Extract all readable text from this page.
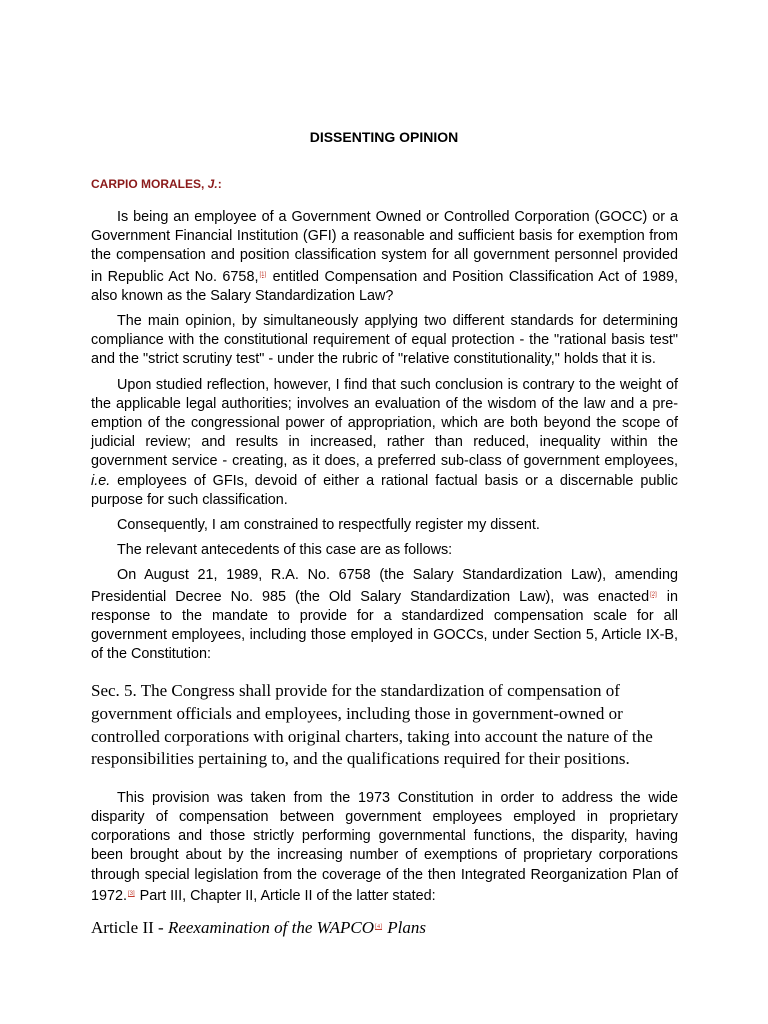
DISSENTING OPINION
CARPIO MORALES, J.:

Is being an employee of a Government Owned or Controlled Corporation (GOCC) or a Government Financial Institution (GFI) a reasonable and sufficient basis for exemption from the compensation and position classification system for all government personnel provided in Republic Act No. 6758,[1] entitled Compensation and Position Classification Act of 1989, also known as the Salary Standardization Law?

The main opinion, by simultaneously applying two different standards for determining compliance with the constitutional requirement of equal protection - the "rational basis test" and the "strict scrutiny test" - under the rubric of "relative constitutionality," holds that it is.

Upon studied reflection, however, I find that such conclusion is contrary to the weight of the applicable legal authorities; involves an evaluation of the wisdom of the law and a pre-emption of the congressional power of appropriation, which are both beyond the scope of judicial review; and results in increased, rather than reduced, inequality within the government service - creating, as it does, a preferred sub-class of government employees, i.e. employees of GFIs, devoid of either a rational factual basis or a discernable public purpose for such classification.

Consequently, I am constrained to respectfully register my dissent.

The relevant antecedents of this case are as follows:

On August 21, 1989, R.A. No. 6758 (the Salary Standardization Law), amending Presidential Decree No. 985 (the Old Salary Standardization Law), was enacted[2] in response to the mandate to provide for a standardized compensation scale for all government employees, including those employed in GOCCs, under Section 5, Article IX-B, of the Constitution:

Sec. 5. The Congress shall provide for the standardization of compensation of government officials and employees, including those in government-owned or controlled corporations with original charters, taking into account the nature of the responsibilities pertaining to, and the qualifications required for their positions.

This provision was taken from the 1973 Constitution in order to address the wide disparity of compensation between government employees employed in proprietary corporations and those strictly performing governmental functions, the disparity, having been brought about by the increasing number of exemptions of proprietary corporations through special legislation from the coverage of the then Integrated Reorganization Plan of 1972.[3] Part III, Chapter II, Article II of the latter stated:

Article II - Reexamination of the WAPCO[4] Plans
